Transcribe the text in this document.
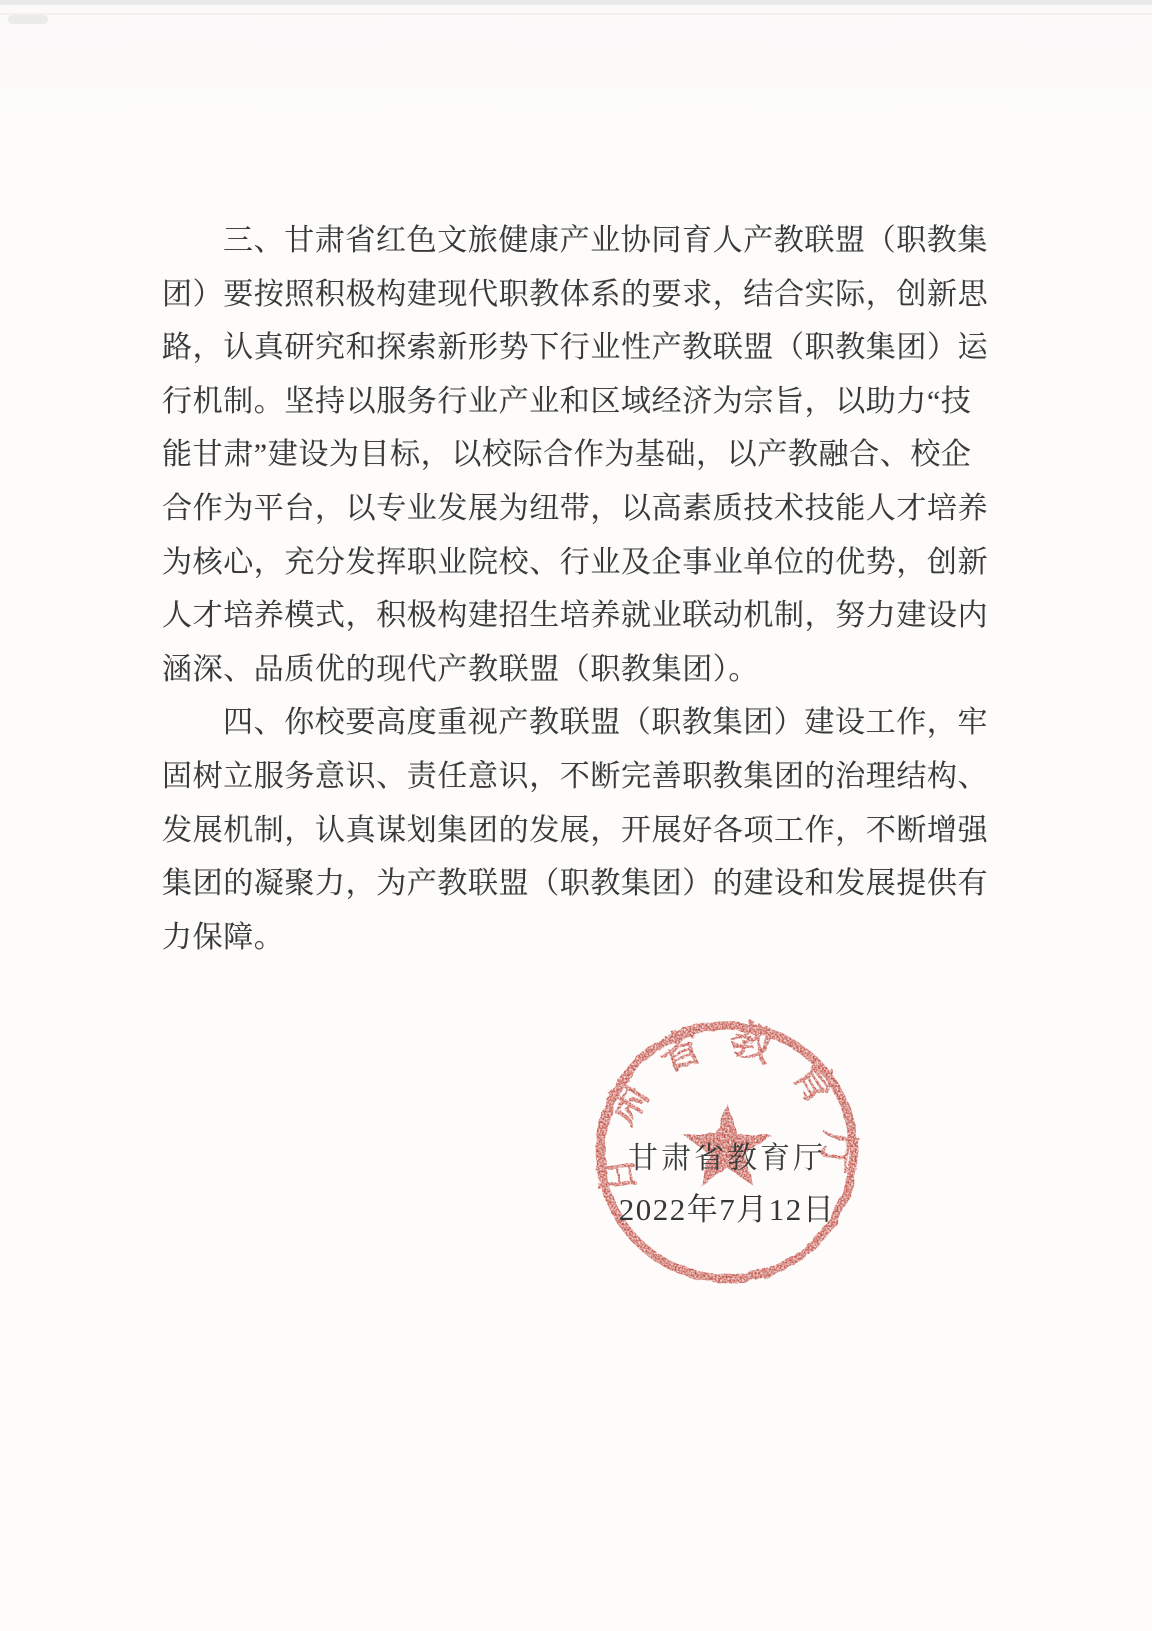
三、甘肃省红色文旅健康产业协同育人产教联盟（职教集

团）要按照积极构建现代职教体系的要求，结合实际，创新思

路，认真研究和探索新形势下行业性产教联盟（职教集团）运

行机制。坚持以服务行业产业和区域经济为宗旨，以助力“技

能甘肃”建设为目标，以校际合作为基础，以产教融合、校企

合作为平台，以专业发展为纽带，以高素质技术技能人才培养

为核心，充分发挥职业院校、行业及企事业单位的优势，创新

人才培养模式，积极构建招生培养就业联动机制，努力建设内

涵深、品质优的现代产教联盟（职教集团）。

四、你校要高度重视产教联盟（职教集团）建设工作，牢

固树立服务意识、责任意识，不断完善职教集团的治理结构、

发展机制，认真谋划集团的发展，开展好各项工作，不断增强

集团的凝聚力，为产教联盟（职教集团）的建设和发展提供有

力保障。

甘肃省教育厅
甘肃省教育厅
2022年7月12日
